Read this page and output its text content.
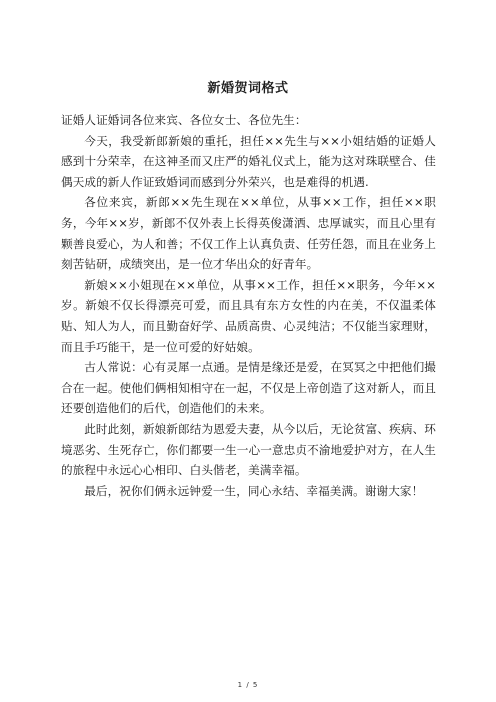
新婚贺词格式

证婚人证婚词各位来宾、各位女士、各位先生：

今天，我受新郎新娘的重托，担任××先生与××小姐结婚的证婚人感到十分荣幸，在这神圣而又庄严的婚礼仪式上，能为这对珠联壁合、佳偶天成的新人作证致婚词而感到分外荣兴，也是难得的机遇.

各位来宾，新郎××先生现在××单位，从事××工作，担任××职务，今年××岁，新郎不仅外表上长得英俊潇洒、忠厚诚实，而且心里有颗善良爱心，为人和善；不仅工作上认真负责、任劳任怨，而且在业务上刻苦钻研，成绩突出，是一位才华出众的好青年。

新娘××小姐现在××单位，从事××工作，担任××职务，今年××岁。新娘不仅长得漂亮可爱，而且具有东方女性的内在美，不仅温柔体贴、知人为人，而且勤奋好学、品质高贵、心灵纯洁；不仅能当家理财，而且手巧能干，是一位可爱的好姑娘。

古人常说：心有灵犀一点通。是情是缘还是爱，在冥冥之中把他们撮合在一起。使他们俩相知相守在一起，不仅是上帝创造了这对新人，而且还要创造他们的后代，创造他们的未来。

此时此刻，新娘新郎结为恩爱夫妻，从今以后，无论贫富、疾病、环境恶劣、生死存亡，你们都要一生一心一意忠贞不渝地爱护对方，在人生的旅程中永远心心相印、白头偕老，美满幸福。

最后，祝你们俩永远钟爱一生，同心永结、幸福美满。谢谢大家！

1 / 5
